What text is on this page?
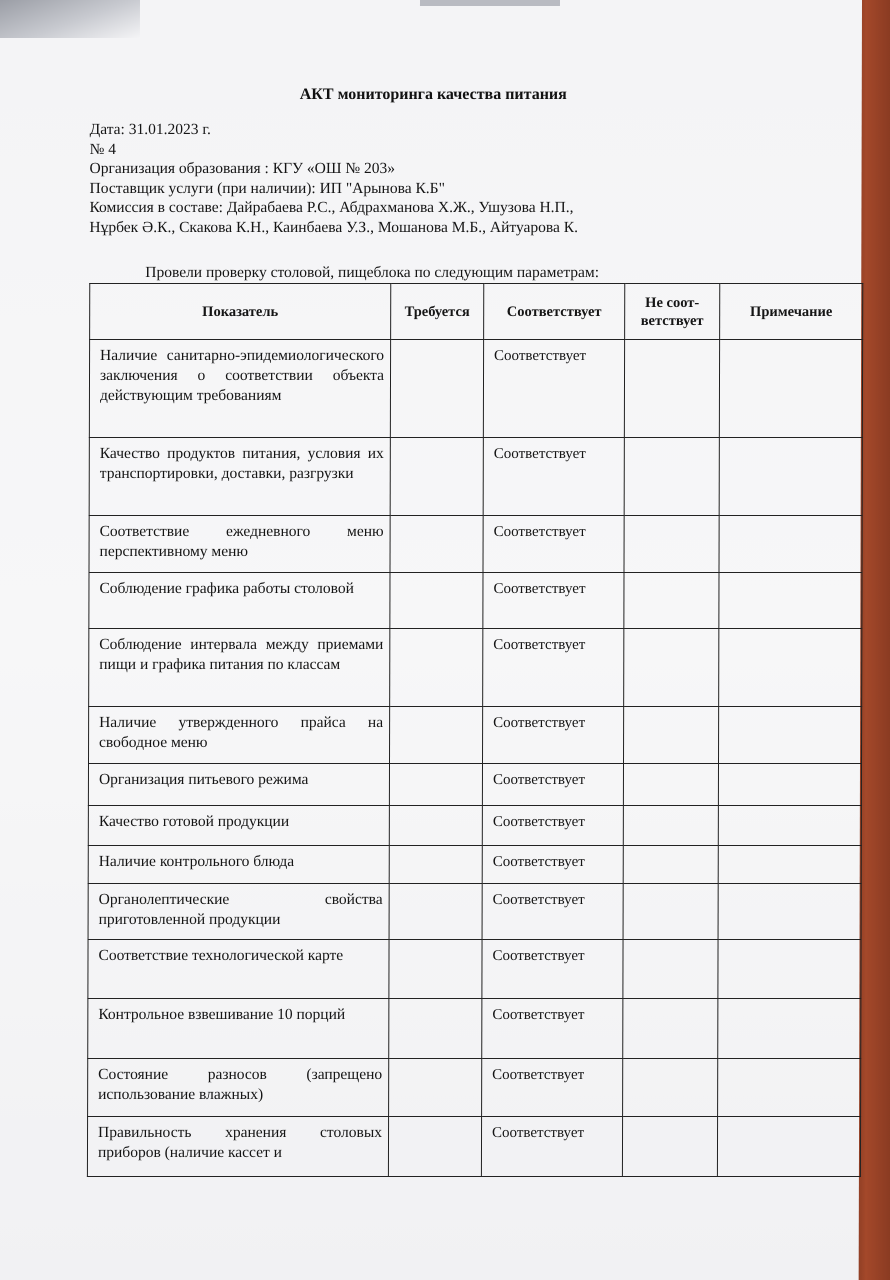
АКТ мониторинга качества питания
Дата: 31.01.2023 г.
№ 4
Организация образования : КГУ «ОШ № 203»
Поставщик услуги (при наличии): ИП "Арынова К.Б"
Комиссия в составе: Дайрабаева Р.С., Абдрахманова Х.Ж., Ушузова Н.П.,
Нұрбек Ә.К., Скакова К.Н., Каинбаева У.З., Мошанова М.Б., Айтуарова К.
Провели проверку столовой, пищеблока по следующим параметрам:
Показатель	Требуется	Соответствует	Не соот-ветствует	Примечание
Наличие санитарно-эпидемиологического заключения о соответствии объекта действующим требованиям		Соответствует		
Качество продуктов питания, условия их транспортировки, доставки, разгрузки		Соответствует		
Соответствие ежедневного меню перспективному меню		Соответствует		
Соблюдение графика работы столовой		Соответствует		
Соблюдение интервала между приемами пищи и графика питания по классам		Соответствует		
Наличие утвержденного прайса на свободное меню		Соответствует		
Организация питьевого режима		Соответствует		
Качество готовой продукции		Соответствует		
Наличие контрольного блюда		Соответствует		
Органолептические свойства приготовленной продукции		Соответствует		
Соответствие технологической карте		Соответствует		
Контрольное взвешивание 10 порций		Соответствует		
Состояние разносов (запрещено использование влажных)		Соответствует		
Правильность хранения столовых приборов (наличие кассет и		Соответствует		
